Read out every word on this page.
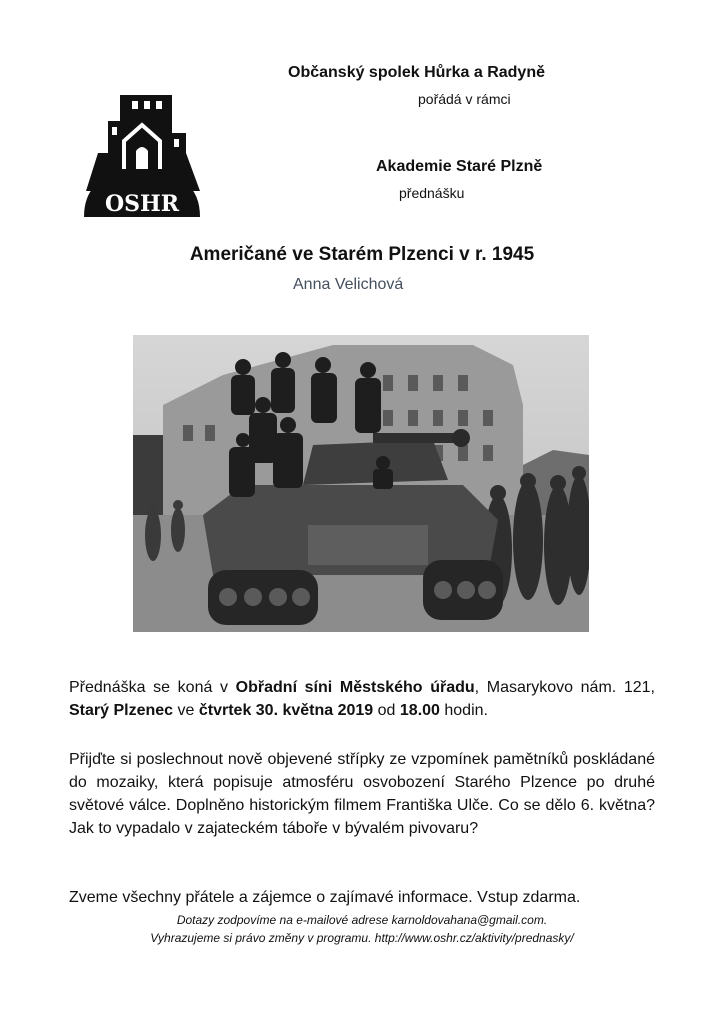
OSHR
Občanský spolek Hůrka a Radyně
pořádá v rámci
Akademie Staré Plzně
přednášku
Američané ve Starém Plzenci v r. 1945
Anna Velichová
Přednáška se koná v Obřadní síni Městského úřadu, Masarykovo nám. 121, Starý Plzenec ve čtvrtek 30. května 2019 od 18.00 hodin.
Přijďte si poslechnout nově objevené střípky ze vzpomínek pamětníků poskládané do mozaiky, která popisuje atmosféru osvobození Starého Plzence po druhé světové válce. Doplněno historickým filmem Františka Ulče. Co se dělo 6. května? Jak to vypadalo v zajateckém táboře v bývalém pivovaru?
Zveme všechny přátele a zájemce o zajímavé informace. Vstup zdarma.
Dotazy zodpovíme na e-mailové adrese karnoldovahana@gmail.com.
Vyhrazujeme si právo změny v programu. http://www.oshr.cz/aktivity/prednasky/
